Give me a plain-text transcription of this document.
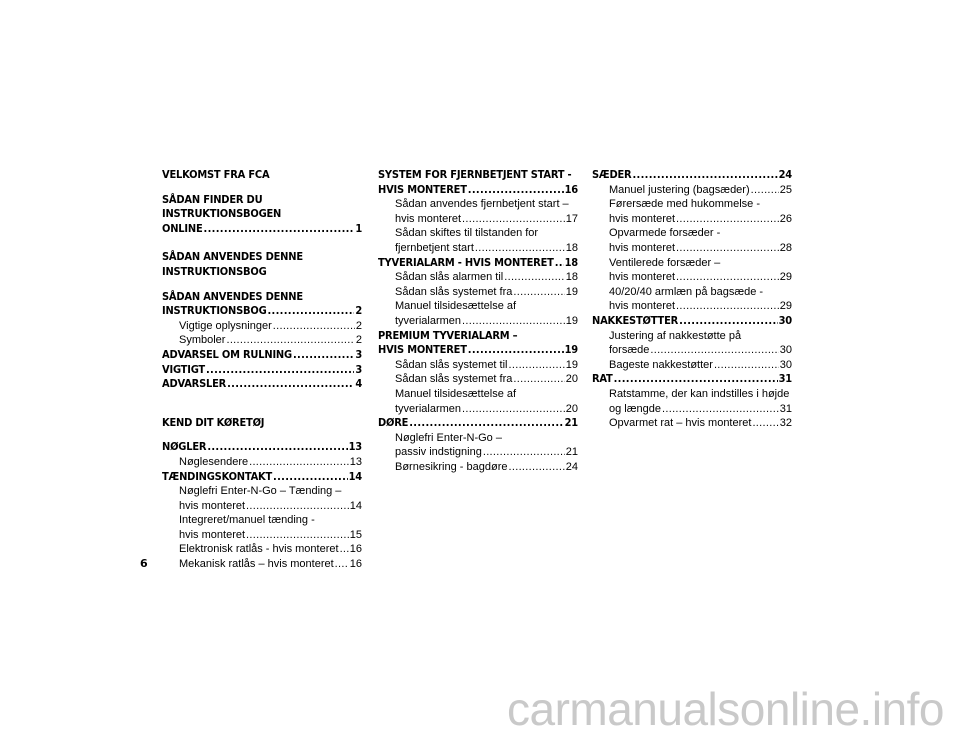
VELKOMST FRA FCA
SÅDAN FINDER DU INSTRUKTIONSBOGEN
ONLINE .....	1
SÅDAN ANVENDES DENNE
INSTRUKTIONSBOG
SÅDAN ANVENDES DENNE
INSTRUKTIONSBOG .....	2
Vigtige oplysninger .....	2
Symboler .....	2
ADVARSEL OM RULNING .....	3
VIGTIGT .....	3
ADVARSLER .....	4
KEND DIT KØRETØJ
NØGLER .....	13
Nøglesendere .....	13
TÆNDINGSKONTAKT .....	14
Nøglefri Enter-N-Go – Tænding –
hvis monteret .....	14
Integreret/manuel tænding -
hvis monteret .....	15
Elektronisk ratlås - hvis monteret ..... 16
Mekanisk ratlås – hvis monteret ..... 16
SYSTEM FOR FJERNBETJENT START -
HVIS MONTERET .....	16
Sådan anvendes fjernbetjent start –
hvis monteret .....	17
Sådan skiftes til tilstanden for
fjernbetjent start .....	18
TYVERIALARM - HVIS MONTERET ..... 18
Sådan slås alarmen til .....	18
Sådan slås systemet fra .....	19
Manuel tilsidesættelse af
tyverialarmen .....	19
PREMIUM TYVERIALARM –
HVIS MONTERET .....	19
Sådan slås systemet til .....	19
Sådan slås systemet fra .....	20
Manuel tilsidesættelse af
tyverialarmen .....	20
DØRE .....	21
Nøglefri Enter-N-Go –
passiv indstigning .....	21
Børnesikring - bagdøre .....	24
SÆDER .....	24
Manuel justering (bagsæder) .....	25
Førersæde med hukommelse -
hvis monteret .....	26
Opvarmede forsæder -
hvis monteret .....	28
Ventilerede forsæder –
hvis monteret .....	29
40/20/40 armlæn på bagsæde -
hvis monteret .....	29
NAKKESTØTTER .....	30
Justering af nakkestøtte på
forsæde .....	30
Bageste nakkestøtter .....	30
RAT .....	31
Ratstamme, der kan indstilles i højde
og længde .....	31
Opvarmet rat – hvis monteret .....	32
6
carmanualsonline.info
